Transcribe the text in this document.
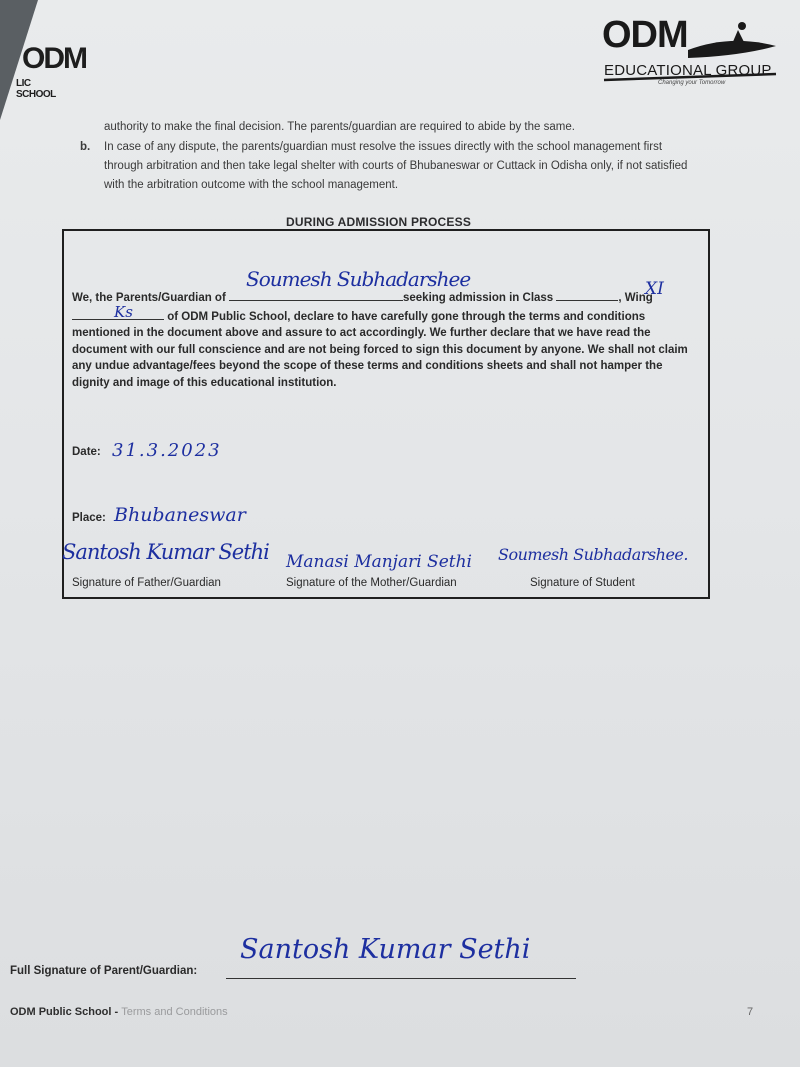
ODM
LIC SCHOOL
ODM
EDUCATIONAL GROUP
Changing your Tomorrow
authority to make the final decision. The parents/guardian are required to abide by the same.
b. In case of any dispute, the parents/guardian must resolve the issues directly with the school management first through arbitration and then take legal shelter with courts of Bhubaneswar or Cuttack in Odisha only, if not satisfied with the arbitration outcome with the school management.
DURING ADMISSION PROCESS
We, the Parents/Guardian of	seeking admission in Class	, Wing  of ODM Public School, declare to have carefully gone through the terms and conditions mentioned in the document above and assure to act accordingly. We further declare that we have read the document with our full conscience and are not being forced to sign this document by anyone. We shall not claim any undue advantage/fees beyond the scope of these terms and conditions sheets and shall not hamper the dignity and image of this educational institution.
Soumesh Subhadarshee	XI
Ks
Date: 31.3.2023
Place: Bhubaneswar
Santosh Kumar Sethi Manasi Manjari Sethi Soumesh Subhadarshee.
Signature of Father/Guardian	Signature of the Mother/Guardian	Signature of Student
Full Signature of Parent/Guardian:
Santosh Kumar Sethi
ODM Public School - Terms and Conditions	7
